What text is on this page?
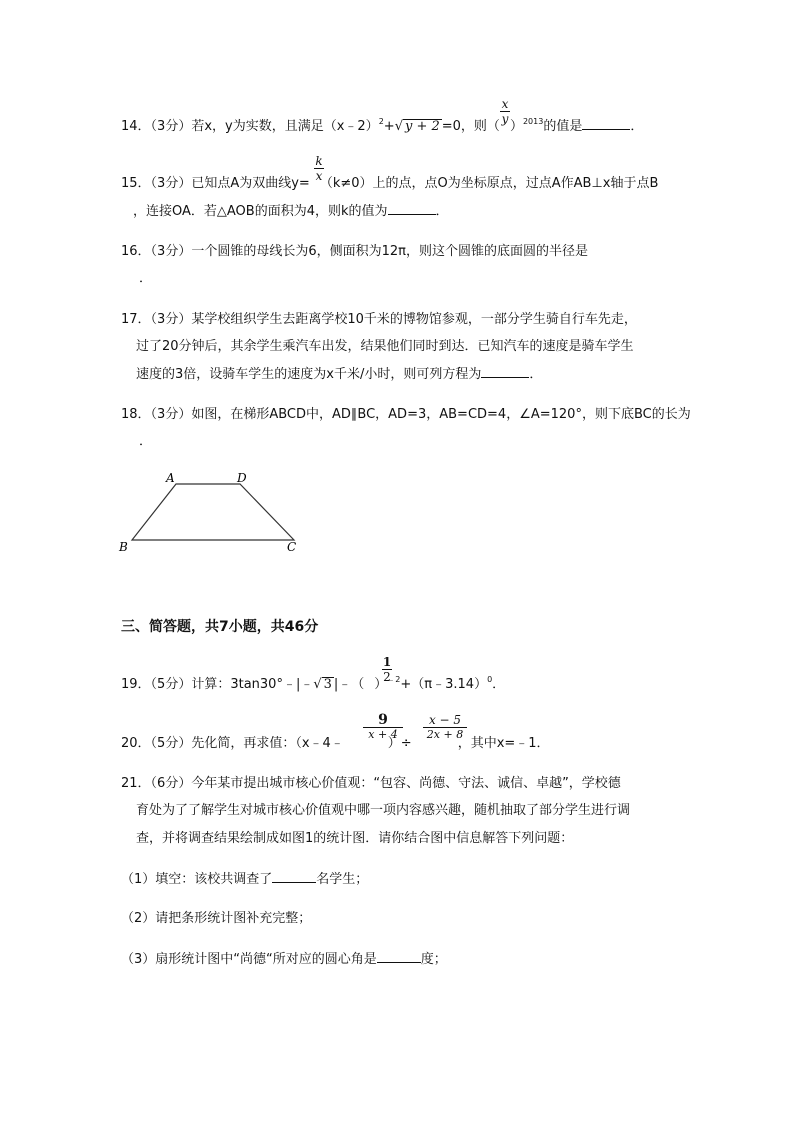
x
y
14．（3分）若x，y为实数，且满足（x﹣2）$^2$+√ y + 2 =0，则（ ）$^{2013}$的值是	．
k
x
15．（3分）已知点A为双曲线y= （k≠0）上的点，点O为坐标原点，过点A作AB⊥x轴于点B
，连接OA．若△AOB的面积为4，则k的值为	．
16．（3分）一个圆锥的母线长为6，侧面积为12π，则这个圆锥的底面圆的半径是
．
17．（3分）某学校组织学生去距离学校10千米的博物馆参观，一部分学生骑自行车先走，
过了20分钟后，其余学生乘汽车出发，结果他们同时到达．已知汽车的速度是骑车学生
速度的3倍，设骑车学生的速度为x千米/小时，则可列方程为	．
18．（3分）如图，在梯形ABCD中，AD∥BC，AD=3，AB=CD=4，∠A=120°，则下底BC的长为
．
A	D
B	C
三、简答题，共7小题，共46分
1
2
19．（5分）计算：3tan30°﹣|﹣√ 3 |﹣（ ）$^{﹣2}$+（π﹣3.14）$^0$．
9
x + 4
x − 5
2x + 8
20．（5分）先化简，再求值：（x﹣4﹣	）÷	，其中x=﹣1．
21．（6分）今年某市提出城市核心价值观：“包容、尚德、守法、诚信、卓越”，学校德
育处为了了解学生对城市核心价值观中哪一项内容感兴趣，随机抽取了部分学生进行调
查，并将调查结果绘制成如图1的统计图．请你结合图中信息解答下列问题：
（1）填空：该校共调查了	名学生；
（2）请把条形统计图补充完整；
（3）扇形统计图中“尚德“所对应的圆心角是	度；
